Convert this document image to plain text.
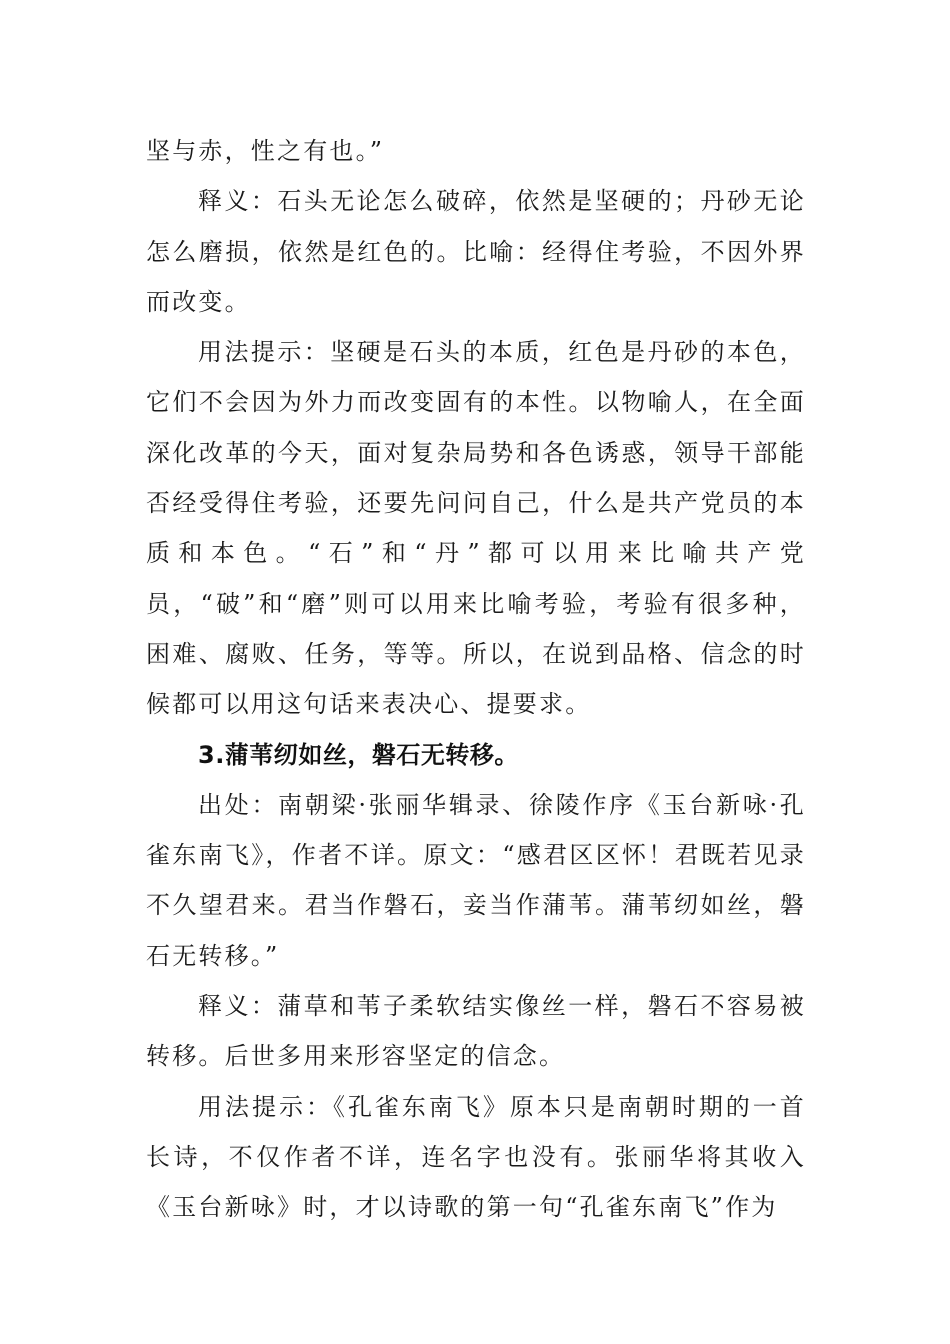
坚与赤，性之有也。”

释义：石头无论怎么破碎，依然是坚硬的；丹砂无论怎么磨损，依然是红色的。比喻：经得住考验，不因外界而改变。

用法提示：坚硬是石头的本质，红色是丹砂的本色，它们不会因为外力而改变固有的本性。以物喻人，在全面深化改革的今天，面对复杂局势和各色诱惑，领导干部能否经受得住考验，还要先问问自己，什么是共产党员的本质和本色。“石”和“丹”都可以用来比喻共产党员，“破”和“磨”则可以用来比喻考验，考验有很多种，困难、腐败、任务，等等。所以，在说到品格、信念的时候都可以用这句话来表决心、提要求。

3.蒲苇纫如丝，磐石无转移。

出处：南朝梁·张丽华辑录、徐陵作序《玉台新咏·孔雀东南飞》，作者不详。原文：“感君区区怀！君既若见录不久望君来。君当作磐石，妾当作蒲苇。蒲苇纫如丝，磐石无转移。”

释义：蒲草和苇子柔软结实像丝一样，磐石不容易被转移。后世多用来形容坚定的信念。

用法提示：《孔雀东南飞》原本只是南朝时期的一首长诗，不仅作者不详，连名字也没有。张丽华将其收入《玉台新咏》时，才以诗歌的第一句“孔雀东南飞”作为
